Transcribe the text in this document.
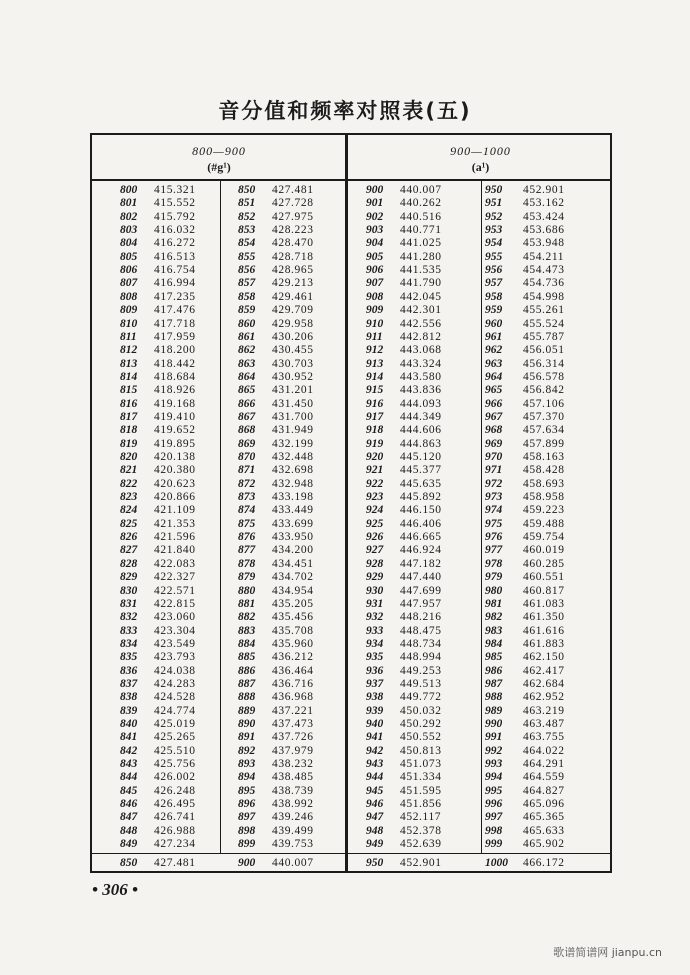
音分值和频率对照表(五)
800—900
(#g¹)
900—1000
(a¹)
800 415.321	850 427.481	900 440.007	950 452.901
801 415.552	851 427.728	901 440.262	951 453.162
802 415.792	852 427.975	902 440.516	952 453.424
803 416.032	853 428.223	903 440.771	953 453.686
804 416.272	854 428.470	904 441.025	954 453.948
805 416.513	855 428.718	905 441.280	955 454.211
806 416.754	856 428.965	906 441.535	956 454.473
807 416.994	857 429.213	907 441.790	957 454.736
808 417.235	858 429.461	908 442.045	958 454.998
809 417.476	859 429.709	909 442.301	959 455.261
810 417.718	860 429.958	910 442.556	960 455.524
811 417.959	861 430.206	911 442.812	961 455.787
812 418.200	862 430.455	912 443.068	962 456.051
813 418.442	863 430.703	913 443.324	963 456.314
814 418.684	864 430.952	914 443.580	964 456.578
815 418.926	865 431.201	915 443.836	965 456.842
816 419.168	866 431.450	916 444.093	966 457.106
817 419.410	867 431.700	917 444.349	967 457.370
818 419.652	868 431.949	918 444.606	968 457.634
819 419.895	869 432.199	919 444.863	969 457.899
820 420.138	870 432.448	920 445.120	970 458.163
821 420.380	871 432.698	921 445.377	971 458.428
822 420.623	872 432.948	922 445.635	972 458.693
823 420.866	873 433.198	923 445.892	973 458.958
824 421.109	874 433.449	924 446.150	974 459.223
825 421.353	875 433.699	925 446.406	975 459.488
826 421.596	876 433.950	926 446.665	976 459.754
827 421.840	877 434.200	927 446.924	977 460.019
828 422.083	878 434.451	928 447.182	978 460.285
829 422.327	879 434.702	929 447.440	979 460.551
830 422.571	880 434.954	930 447.699	980 460.817
831 422.815	881 435.205	931 447.957	981 461.083
832 423.060	882 435.456	932 448.216	982 461.350
833 423.304	883 435.708	933 448.475	983 461.616
834 423.549	884 435.960	934 448.734	984 461.883
835 423.793	885 436.212	935 448.994	985 462.150
836 424.038	886 436.464	936 449.253	986 462.417
837 424.283	887 436.716	937 449.513	987 462.684
838 424.528	888 436.968	938 449.772	988 462.952
839 424.774	889 437.221	939 450.032	989 463.219
840 425.019	890 437.473	940 450.292	990 463.487
841 425.265	891 437.726	941 450.552	991 463.755
842 425.510	892 437.979	942 450.813	992 464.022
843 425.756	893 438.232	943 451.073	993 464.291
844 426.002	894 438.485	944 451.334	994 464.559
845 426.248	895 438.739	945 451.595	995 464.827
846 426.495	896 438.992	946 451.856	996 465.096
847 426.741	897 439.246	947 452.117	997 465.365
848 426.988	898 439.499	948 452.378	998 465.633
849 427.234	899 439.753	949 452.639	999 465.902
850 427.481	900 440.007	950 452.901	1000 466.172
• 306 •
歌谱简谱网 jianpu.cn
